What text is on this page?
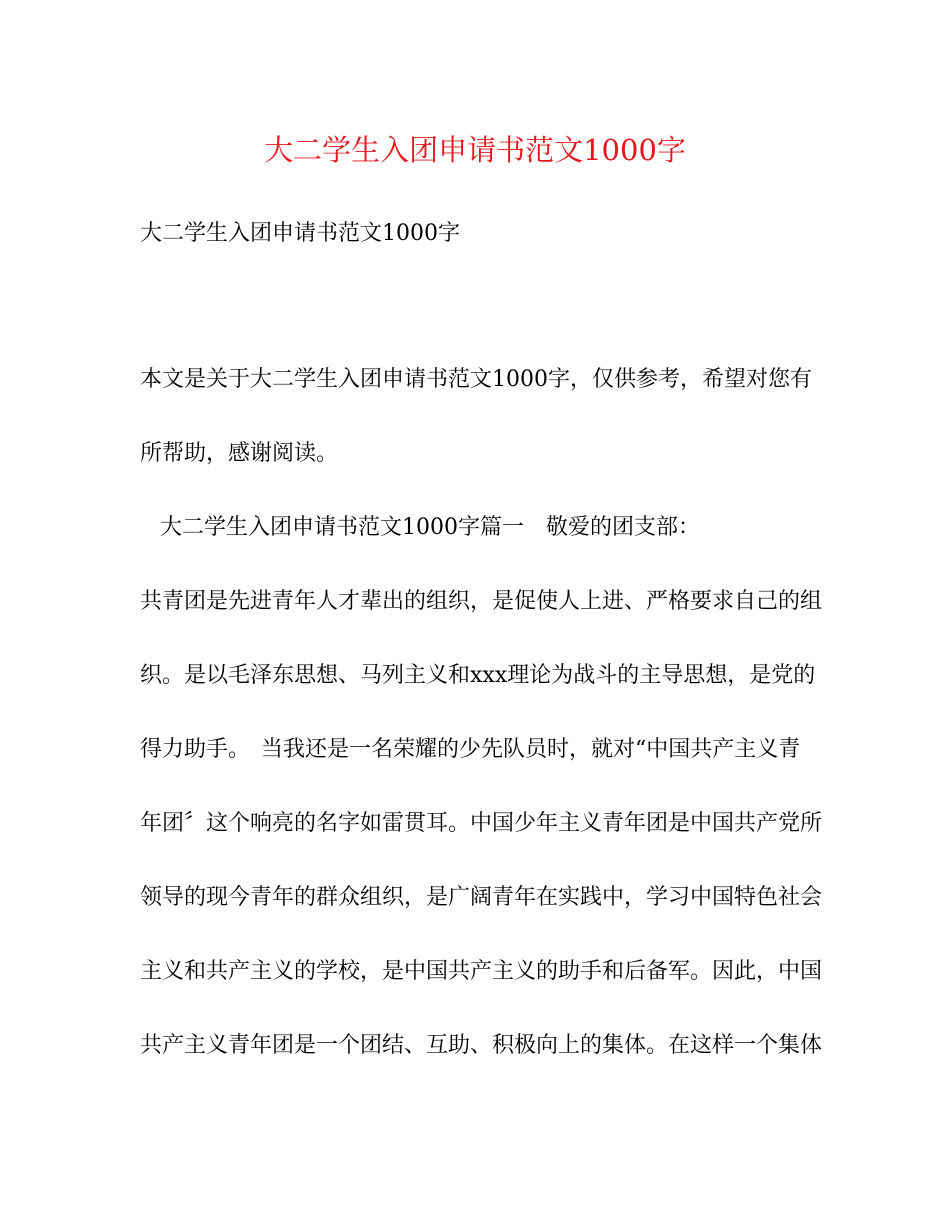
大二学生入团申请书范文1000字
大二学生入团申请书范文1000字
本文是关于大二学生入团申请书范文1000字，仅供参考，希望对您有
所帮助，感谢阅读。
大二学生入团申请书范文1000字篇一　敬爱的团支部：
共青团是先进青年人才辈出的组织，是促使人上进、严格要求自己的组
织。是以毛泽东思想、马列主义和xxx理论为战斗的主导思想，是党的
得力助手。　当我还是一名荣耀的少先队员时，就对“中国共产主义青
年团〞这个响亮的名字如雷贯耳。中国少年主义青年团是中国共产党所
领导的现今青年的群众组织，是广阔青年在实践中，学习中国特色社会
主义和共产主义的学校，是中国共产主义的助手和后备军。因此，中国
共产主义青年团是一个团结、互助、积极向上的集体。在这样一个集体
